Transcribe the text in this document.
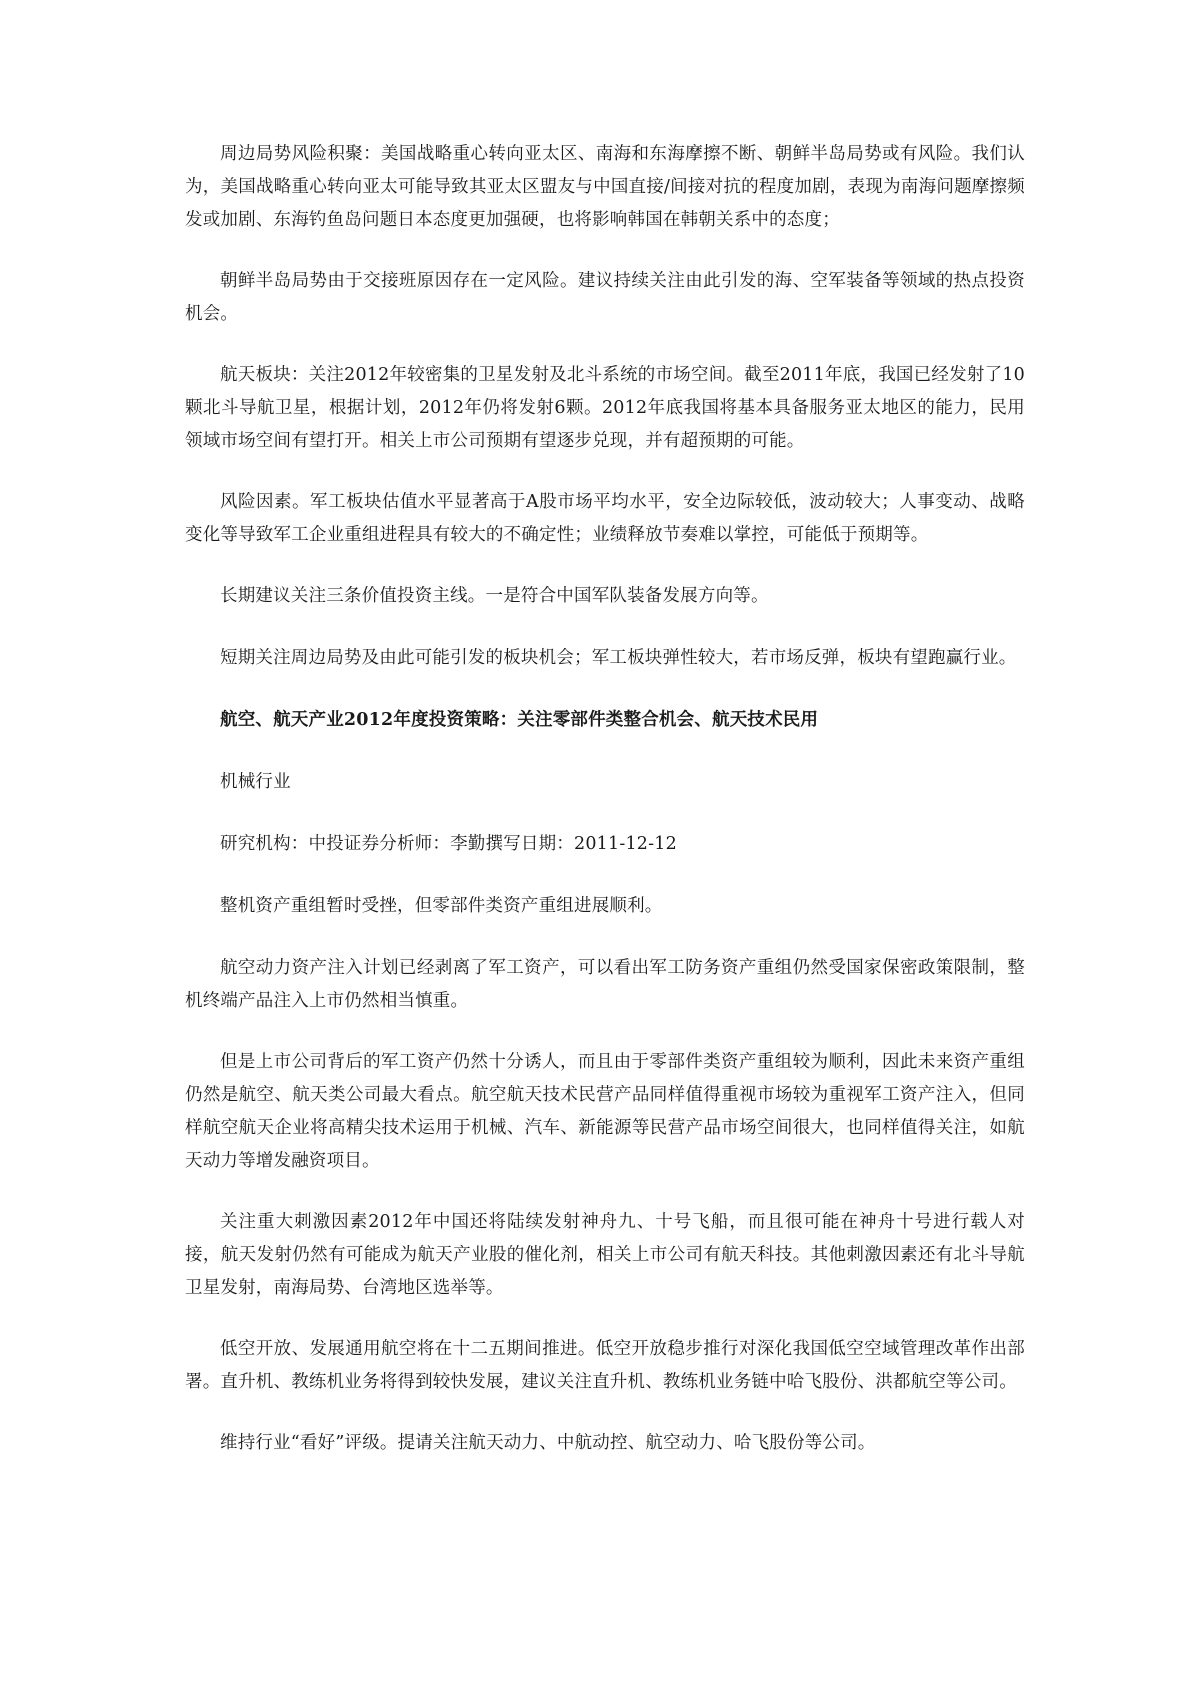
周边局势风险积聚：美国战略重心转向亚太区、南海和东海摩擦不断、朝鲜半岛局势或有风险。我们认为，美国战略重心转向亚太可能导致其亚太区盟友与中国直接/间接对抗的程度加剧，表现为南海问题摩擦频发或加剧、东海钓鱼岛问题日本态度更加强硬，也将影响韩国在韩朝关系中的态度；

朝鲜半岛局势由于交接班原因存在一定风险。建议持续关注由此引发的海、空军装备等领域的热点投资机会。

航天板块：关注2012年较密集的卫星发射及北斗系统的市场空间。截至2011年底，我国已经发射了10颗北斗导航卫星，根据计划，2012年仍将发射6颗。2012年底我国将基本具备服务亚太地区的能力，民用领域市场空间有望打开。相关上市公司预期有望逐步兑现，并有超预期的可能。

风险因素。军工板块估值水平显著高于A股市场平均水平，安全边际较低，波动较大；人事变动、战略变化等导致军工企业重组进程具有较大的不确定性；业绩释放节奏难以掌控，可能低于预期等。

长期建议关注三条价值投资主线。一是符合中国军队装备发展方向等。

短期关注周边局势及由此可能引发的板块机会；军工板块弹性较大，若市场反弹，板块有望跑赢行业。

航空、航天产业2012年度投资策略：关注零部件类整合机会、航天技术民用

机械行业

研究机构：中投证券分析师：李勤撰写日期：2011-12-12

整机资产重组暂时受挫，但零部件类资产重组进展顺利。

航空动力资产注入计划已经剥离了军工资产，可以看出军工防务资产重组仍然受国家保密政策限制，整机终端产品注入上市仍然相当慎重。

但是上市公司背后的军工资产仍然十分诱人，而且由于零部件类资产重组较为顺利，因此未来资产重组仍然是航空、航天类公司最大看点。航空航天技术民营产品同样值得重视市场较为重视军工资产注入，但同样航空航天企业将高精尖技术运用于机械、汽车、新能源等民营产品市场空间很大，也同样值得关注，如航天动力等增发融资项目。

关注重大刺激因素2012年中国还将陆续发射神舟九、十号飞船，而且很可能在神舟十号进行载人对接，航天发射仍然有可能成为航天产业股的催化剂，相关上市公司有航天科技。其他刺激因素还有北斗导航卫星发射，南海局势、台湾地区选举等。

低空开放、发展通用航空将在十二五期间推进。低空开放稳步推行对深化我国低空空域管理改革作出部署。直升机、教练机业务将得到较快发展，建议关注直升机、教练机业务链中哈飞股份、洪都航空等公司。

维持行业“看好”评级。提请关注航天动力、中航动控、航空动力、哈飞股份等公司。
